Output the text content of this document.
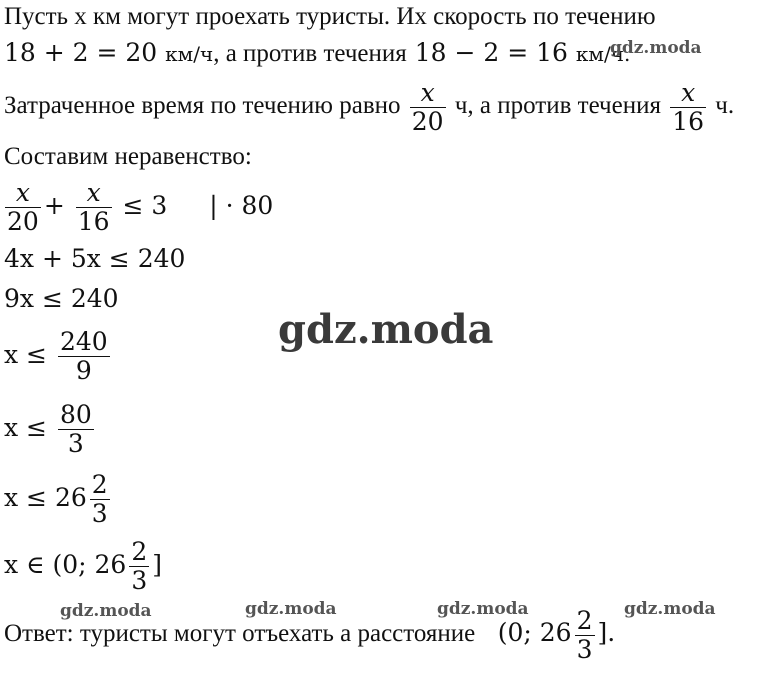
Пусть x км могут проехать туристы. Их скорость по течению
18 + 2 = 20 км/ч, а против течения 18 − 2 = 16 км/ч.
Затраченное время по течению равно $\frac{x}{20} ч$, а против течения $\frac{x}{16} ч$.
Составим неравенство:
$\frac{x}{20} + \frac{x}{16} \le 3$ | · 80
4x + 5x ≤ 240
9x ≤ 240
$x \le \frac{240}{9}$
$x \le \frac{80}{3}$
$x \le 26 \frac{2}{3}$
x ∈ (0; $26 \frac{2}{3}$ ]
Ответ: туристы могут отъехать а расстояние (0; $26 \frac{2}{3}$ ].
gdz.moda
gdz.moda
gdz.moda	gdz.moda	gdz.moda	gdz.moda
